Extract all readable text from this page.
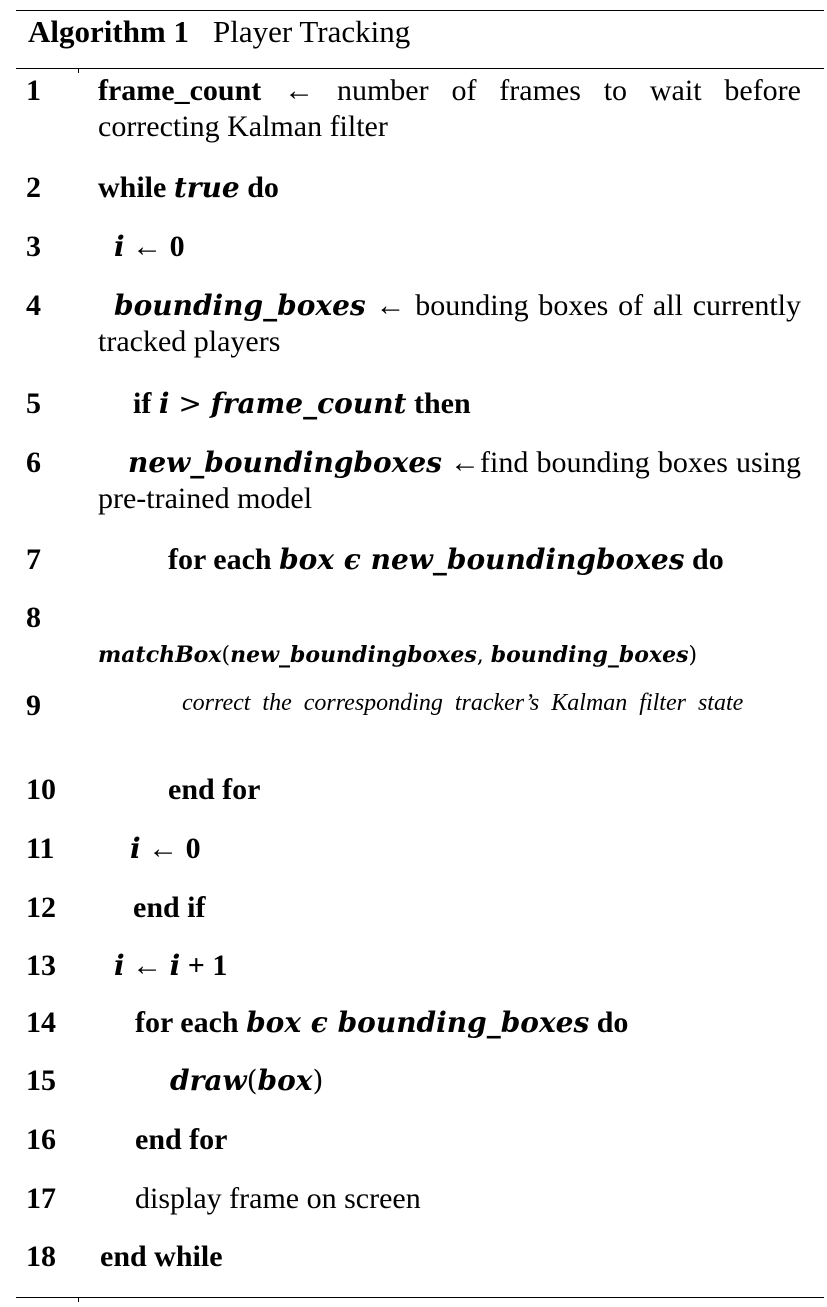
Algorithm 1 Player Tracking
1 frame_count ← number of frames to wait before correcting Kalman filter
2 while true do
3	i ← 0
4	bounding_boxes ← bounding boxes of all currently tracked players
5	if i > frame_count then
6	new_boundingboxes ←find bounding boxes using pre-trained model
7	for each box ϵ new_boundingboxes do
8
matchBox(new_boundingboxes, bounding_boxes)
9	correct the corresponding tracker’s Kalman filter state
10	end for
11	i ← 0
12	end if
13 i ← i + 1
14	for each box ϵ bounding_boxes do
15	draw(box)
16	end for
17	display frame on screen
18 end while
